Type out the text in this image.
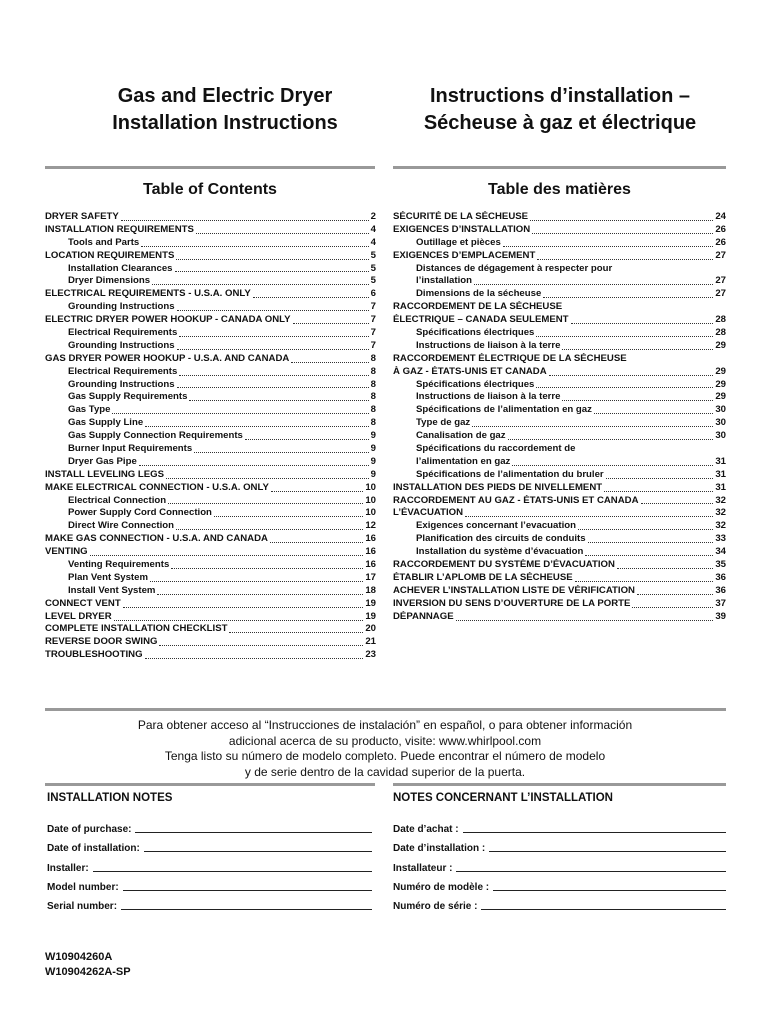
Gas and Electric Dryer
Installation Instructions
Instructions d’installation –
Sécheuse à gaz et électrique
Table of Contents	Table des matières
DRYER SAFETY	2
INSTALLATION REQUIREMENTS	4
Tools and Parts	4
LOCATION REQUIREMENTS	5
Installation Clearances	5
Dryer Dimensions	5
ELECTRICAL REQUIREMENTS - U.S.A. ONLY	6
Grounding Instructions	7
ELECTRIC DRYER POWER HOOKUP - CANADA ONLY	7
Electrical Requirements	7
Grounding Instructions	7
GAS DRYER POWER HOOKUP - U.S.A. AND CANADA	8
Electrical Requirements	8
Grounding Instructions	8
Gas Supply Requirements	8
Gas Type	8
Gas Supply Line	8
Gas Supply Connection Requirements	9
Burner Input Requirements	9
Dryer Gas Pipe	9
INSTALL LEVELING LEGS	9
MAKE ELECTRICAL CONNECTION - U.S.A. ONLY	10
Electrical Connection	10
Power Supply Cord Connection	10
Direct Wire Connection	12
MAKE GAS CONNECTION - U.S.A. AND CANADA	16
VENTING	16
Venting Requirements	16
Plan Vent System	17
Install Vent System	18
CONNECT VENT	19
LEVEL DRYER	19
COMPLETE INSTALLATION CHECKLIST	20
REVERSE DOOR SWING	21
TROUBLESHOOTING	23
SÉCURITÉ DE LA SÉCHEUSE	24
EXIGENCES D’INSTALLATION	26
Outillage et pièces	26
EXIGENCES D’EMPLACEMENT	27
Distances de dégagement à respecter pour
l’installation	27
Dimensions de la sécheuse	27
RACCORDEMENT DE LA SÉCHEUSE
ÉLECTRIQUE – CANADA SEULEMENT	28
Spécifications électriques	28
Instructions de liaison à la terre	29
RACCORDEMENT ÉLECTRIQUE DE LA SÉCHEUSE
À GAZ - ÉTATS-UNIS ET CANADA	29
Spécifications électriques	29
Instructions de liaison à la terre	29
Spécifications de l’alimentation en gaz	30
Type de gaz	30
Canalisation de gaz	30
Spécifications du raccordement de
l’alimentation en gaz	31
Spécifications de l’alimentation du bruler	31
INSTALLATION DES PIEDS DE NIVELLEMENT	31
RACCORDEMENT AU GAZ - ÉTATS-UNIS ET CANADA	32
L’ÉVACUATION	32
Exigences concernant l’evacuation	32
Planification des circuits de conduits	33
Installation du système d’évacuation	34
RACCORDEMENT DU SYSTÈME D’ÉVACUATION	35
ÉTABLIR L’APLOMB DE LA SÉCHEUSE	36
ACHEVER L’INSTALLATION LISTE DE VÉRIFICATION	36
INVERSION DU SENS D’OUVERTURE DE LA PORTE	37
DÉPANNAGE	39
Para obtener acceso al “Instrucciones de instalación” en español, o para obtener información
adicional acerca de su producto, visite: www.whirlpool.com
Tenga listo su número de modelo completo. Puede encontrar el número de modelo
y de serie dentro de la cavidad superior de la puerta.
INSTALLATION NOTES	NOTES CONCERNANT L’INSTALLATION
Date of purchase:
Date of installation:
Installer:
Model number:
Serial number:
Date d’achat :
Date d’installation :
Installateur :
Numéro de modèle :
Numéro de série :
W10904260A
W10904262A-SP
